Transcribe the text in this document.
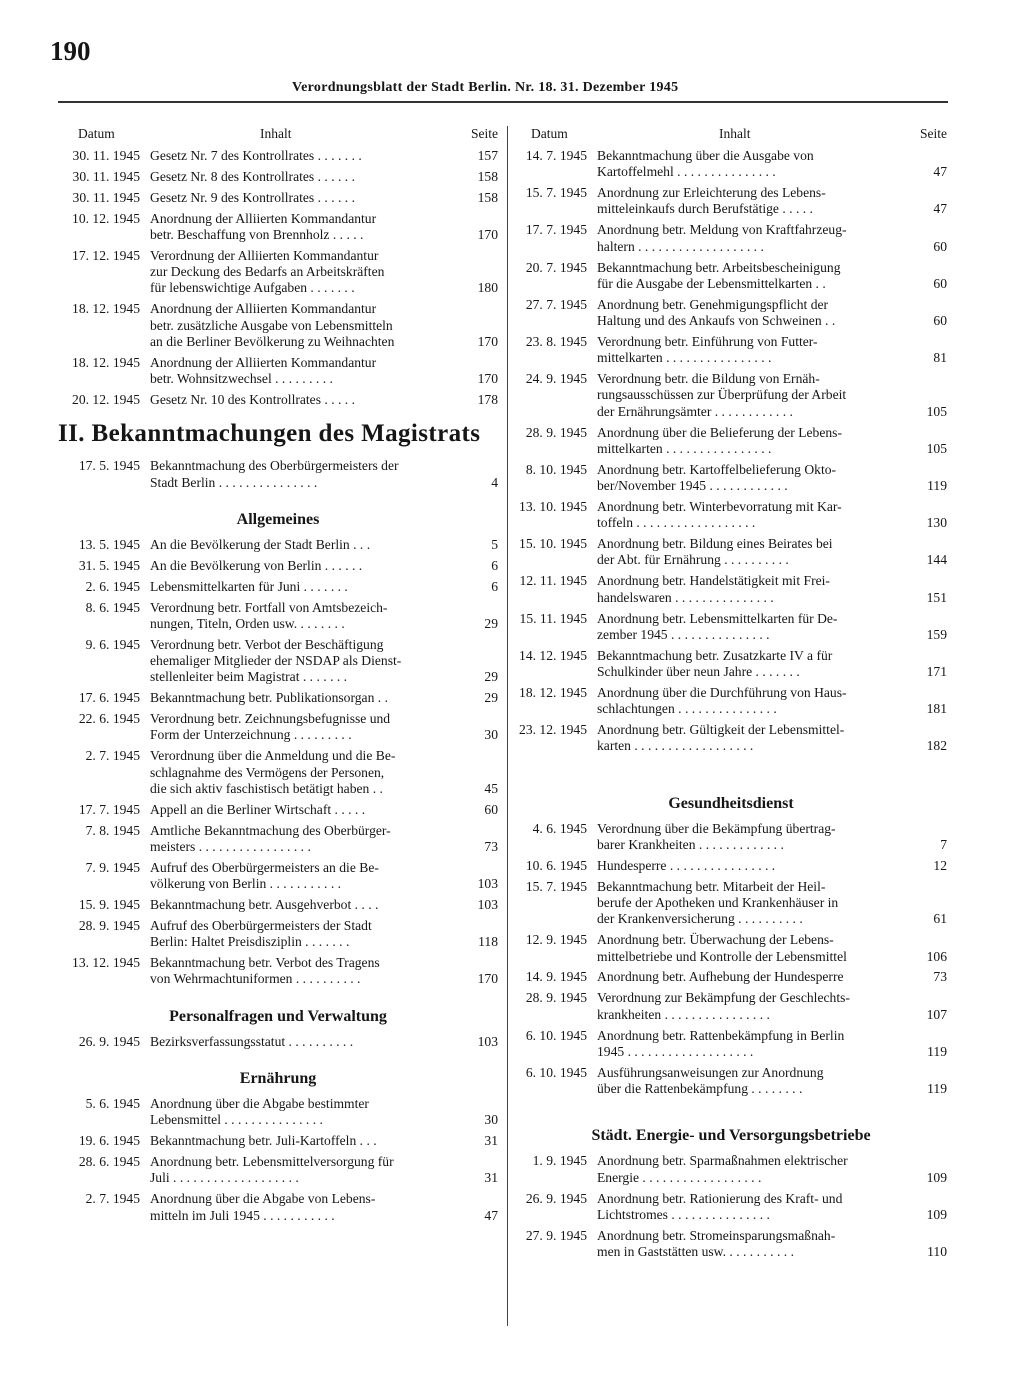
190
Verordnungsblatt der Stadt Berlin. Nr. 18. 31. Dezember 1945
Datum	Inhalt	Seite
30. 11. 1945 Gesetz Nr. 7 des Kontrollrates . . . . . . .	157
30. 11. 1945 Gesetz Nr. 8 des Kontrollrates . . . . . .	158
30. 11. 1945 Gesetz Nr. 9 des Kontrollrates . . . . . .	158
10. 12. 1945 Anordnung der Alliierten Kommandantur
betr. Beschaffung von Brennholz . . . . .	170
17. 12. 1945 Verordnung der Alliierten Kommandantur
zur Deckung des Bedarfs an Arbeitskräften
für lebenswichtige Aufgaben . . . . . . .	180
18. 12. 1945 Anordnung der Alliierten Kommandantur
betr. zusätzliche Ausgabe von Lebensmitteln
an die Berliner Bevölkerung zu Weihnachten	170
18. 12. 1945 Anordnung der Alliierten Kommandantur
betr. Wohnsitzwechsel . . . . . . . . .	170
20. 12. 1945 Gesetz Nr. 10 des Kontrollrates . . . . .	178
II. Bekanntmachungen des Magistrats
17. 5. 1945 Bekanntmachung des Oberbürgermeisters der
Stadt Berlin . . . . . . . . . . . . . . .	4
Allgemeines
13. 5. 1945 An die Bevölkerung der Stadt Berlin . . .	5
31. 5. 1945 An die Bevölkerung von Berlin . . . . . .	6
2. 6. 1945 Lebensmittelkarten für Juni . . . . . . .	6
8. 6. 1945 Verordnung betr. Fortfall von Amtsbezeich-
nungen, Titeln, Orden usw. . . . . . . .	29
9. 6. 1945 Verordnung betr. Verbot der Beschäftigung
ehemaliger Mitglieder der NSDAP als Dienst-
stellenleiter beim Magistrat . . . . . . .	29
17. 6. 1945 Bekanntmachung betr. Publikationsorgan . .	29
22. 6. 1945 Verordnung betr. Zeichnungsbefugnisse und
Form der Unterzeichnung . . . . . . . . .	30
2. 7. 1945 Verordnung über die Anmeldung und die Be-
schlagnahme des Vermögens der Personen,
die sich aktiv faschistisch betätigt haben . .	45
17. 7. 1945 Appell an die Berliner Wirtschaft . . . . .	60
7. 8. 1945 Amtliche Bekanntmachung des Oberbürger-
meisters . . . . . . . . . . . . . . . . .	73
7. 9. 1945 Aufruf des Oberbürgermeisters an die Be-
völkerung von Berlin . . . . . . . . . . .	103
15. 9. 1945 Bekanntmachung betr. Ausgehverbot . . . .	103
28. 9. 1945 Aufruf des Oberbürgermeisters der Stadt
Berlin: Haltet Preisdisziplin . . . . . . .	118
13. 12. 1945 Bekanntmachung betr. Verbot des Tragens
von Wehrmachtuniformen . . . . . . . . . .	170
Personalfragen und Verwaltung
26. 9. 1945 Bezirksverfassungsstatut . . . . . . . . . .	103
Ernährung
5. 6. 1945 Anordnung über die Abgabe bestimmter
Lebensmittel . . . . . . . . . . . . . . .	30
19. 6. 1945 Bekanntmachung betr. Juli-Kartoffeln . . .	31
28. 6. 1945 Anordnung betr. Lebensmittelversorgung für
Juli . . . . . . . . . . . . . . . . . . .	31
2. 7. 1945 Anordnung über die Abgabe von Lebens-
mitteln im Juli 1945 . . . . . . . . . . .	47
Datum	Inhalt	Seite
14. 7. 1945 Bekanntmachung über die Ausgabe von
Kartoffelmehl . . . . . . . . . . . . . . .	47
15. 7. 1945 Anordnung zur Erleichterung des Lebens-
mitteleinkaufs durch Berufstätige . . . . .	47
17. 7. 1945 Anordnung betr. Meldung von Kraftfahrzeug-
haltern . . . . . . . . . . . . . . . . . . .	60
20. 7. 1945 Bekanntmachung betr. Arbeitsbescheinigung
für die Ausgabe der Lebensmittelkarten . .	60
27. 7. 1945 Anordnung betr. Genehmigungspflicht der
Haltung und des Ankaufs von Schweinen . .	60
23. 8. 1945 Verordnung betr. Einführung von Futter-
mittelkarten . . . . . . . . . . . . . . . .	81
24. 9. 1945 Verordnung betr. die Bildung von Ernäh-
rungsausschüssen zur Überprüfung der Arbeit
der Ernährungsämter . . . . . . . . . . . .	105
28. 9. 1945 Anordnung über die Belieferung der Lebens-
mittelkarten . . . . . . . . . . . . . . . .	105
8. 10. 1945 Anordnung betr. Kartoffelbelieferung Okto-
ber/November 1945 . . . . . . . . . . . .	119
13. 10. 1945 Anordnung betr. Winterbevorratung mit Kar-
toffeln . . . . . . . . . . . . . . . . . .	130
15. 10. 1945 Anordnung betr. Bildung eines Beirates bei
der Abt. für Ernährung . . . . . . . . . .	144
12. 11. 1945 Anordnung betr. Handelstätigkeit mit Frei-
handelswaren . . . . . . . . . . . . . . .	151
15. 11. 1945 Anordnung betr. Lebensmittelkarten für De-
zember 1945 . . . . . . . . . . . . . . .	159
14. 12. 1945 Bekanntmachung betr. Zusatzkarte IV a für
Schulkinder über neun Jahre . . . . . . .	171
18. 12. 1945 Anordnung über die Durchführung von Haus-
schlachtungen . . . . . . . . . . . . . . .	181
23. 12. 1945 Anordnung betr. Gültigkeit der Lebensmittel-
karten . . . . . . . . . . . . . . . . . .	182
Gesundheitsdienst
4. 6. 1945 Verordnung über die Bekämpfung übertrag-
barer Krankheiten . . . . . . . . . . . . .	7
10. 6. 1945 Hundesperre . . . . . . . . . . . . . . . .	12
15. 7. 1945 Bekanntmachung betr. Mitarbeit der Heil-
berufe der Apotheken und Krankenhäuser in
der Krankenversicherung . . . . . . . . . .	61
12. 9. 1945 Anordnung betr. Überwachung der Lebens-
mittelbetriebe und Kontrolle der Lebensmittel	106
14. 9. 1945 Anordnung betr. Aufhebung der Hundesperre	73
28. 9. 1945 Verordnung zur Bekämpfung der Geschlechts-
krankheiten . . . . . . . . . . . . . . . .	107
6. 10. 1945 Anordnung betr. Rattenbekämpfung in Berlin
1945 . . . . . . . . . . . . . . . . . . .	119
6. 10. 1945 Ausführungsanweisungen zur Anordnung
über die Rattenbekämpfung . . . . . . . .	119
Städt. Energie- und Versorgungsbetriebe
1. 9. 1945 Anordnung betr. Sparmaßnahmen elektrischer
Energie . . . . . . . . . . . . . . . . . .	109
26. 9. 1945 Anordnung betr. Rationierung des Kraft- und
Lichtstromes . . . . . . . . . . . . . . .	109
27. 9. 1945 Anordnung betr. Stromeinsparungsmaßnah-
men in Gaststätten usw. . . . . . . . . . .	110
